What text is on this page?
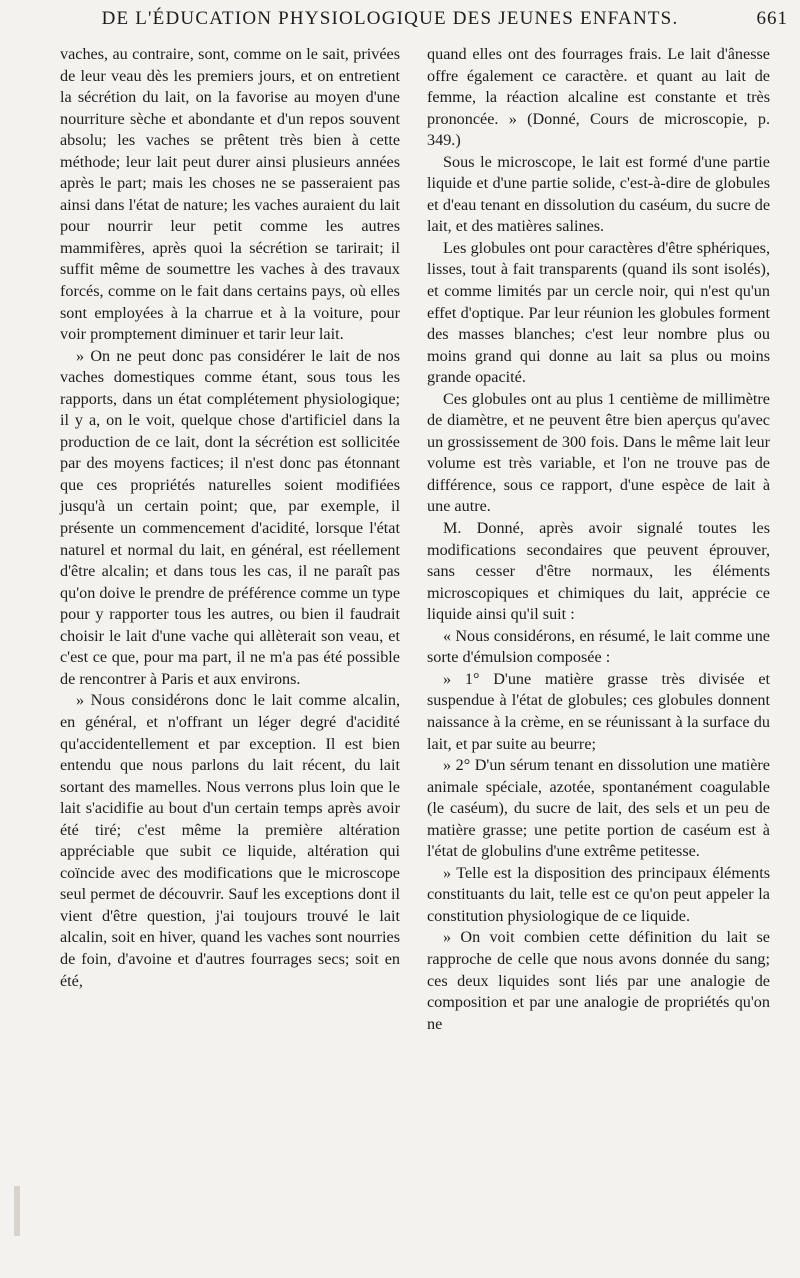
DE L'ÉDUCATION PHYSIOLOGIQUE DES JEUNES ENFANTS.	661

vaches, au contraire, sont, comme on le sait, privées de leur veau dès les premiers jours, et on entretient la sécrétion du lait, on la favorise au moyen d'une nourriture sèche et abondante et d'un repos souvent absolu; les vaches se prêtent très bien à cette méthode; leur lait peut durer ainsi plusieurs années après le part; mais les choses ne se passeraient pas ainsi dans l'état de nature; les vaches auraient du lait pour nourrir leur petit comme les autres mammifères, après quoi la sécrétion se tarirait; il suffit même de soumettre les vaches à des travaux forcés, comme on le fait dans certains pays, où elles sont employées à la charrue et à la voiture, pour voir promptement diminuer et tarir leur lait.

» On ne peut donc pas considérer le lait de nos vaches domestiques comme étant, sous tous les rapports, dans un état complétement physiologique; il y a, on le voit, quelque chose d'artificiel dans la production de ce lait, dont la sécrétion est sollicitée par des moyens factices; il n'est donc pas étonnant que ces propriétés naturelles soient modifiées jusqu'à un certain point; que, par exemple, il présente un commencement d'acidité, lorsque l'état naturel et normal du lait, en général, est réellement d'être alcalin; et dans tous les cas, il ne paraît pas qu'on doive le prendre de préférence comme un type pour y rapporter tous les autres, ou bien il faudrait choisir le lait d'une vache qui allèterait son veau, et c'est ce que, pour ma part, il ne m'a pas été possible de rencontrer à Paris et aux environs.

» Nous considérons donc le lait comme alcalin, en général, et n'offrant un léger degré d'acidité qu'accidentellement et par exception. Il est bien entendu que nous parlons du lait récent, du lait sortant des mamelles. Nous verrons plus loin que le lait s'acidifie au bout d'un certain temps après avoir été tiré; c'est même la première altération appréciable que subit ce liquide, altération qui coïncide avec des modifications que le microscope seul permet de découvrir. Sauf les exceptions dont il vient d'être question, j'ai toujours trouvé le lait alcalin, soit en hiver, quand les vaches sont nourries de foin, d'avoine et d'autres fourrages secs; soit en été,

quand elles ont des fourrages frais. Le lait d'ânesse offre également ce caractère. et quant au lait de femme, la réaction alcaline est constante et très prononcée. » (Donné, Cours de microscopie, p. 349.)

Sous le microscope, le lait est formé d'une partie liquide et d'une partie solide, c'est-à-dire de globules et d'eau tenant en dissolution du caséum, du sucre de lait, et des matières salines.

Les globules ont pour caractères d'être sphériques, lisses, tout à fait transparents (quand ils sont isolés), et comme limités par un cercle noir, qui n'est qu'un effet d'optique. Par leur réunion les globules forment des masses blanches; c'est leur nombre plus ou moins grand qui donne au lait sa plus ou moins grande opacité.

Ces globules ont au plus 1 centième de millimètre de diamètre, et ne peuvent être bien aperçus qu'avec un grossissement de 300 fois. Dans le même lait leur volume est très variable, et l'on ne trouve pas de différence, sous ce rapport, d'une espèce de lait à une autre.

M. Donné, après avoir signalé toutes les modifications secondaires que peuvent éprouver, sans cesser d'être normaux, les éléments microscopiques et chimiques du lait, apprécie ce liquide ainsi qu'il suit :

« Nous considérons, en résumé, le lait comme une sorte d'émulsion composée :

» 1° D'une matière grasse très divisée et suspendue à l'état de globules; ces globules donnent naissance à la crème, en se réunissant à la surface du lait, et par suite au beurre;

» 2° D'un sérum tenant en dissolution une matière animale spéciale, azotée, spontanément coagulable (le caséum), du sucre de lait, des sels et un peu de matière grasse; une petite portion de caséum est à l'état de globulins d'une extrême petitesse.

» Telle est la disposition des principaux éléments constituants du lait, telle est ce qu'on peut appeler la constitution physiologique de ce liquide.

» On voit combien cette définition du lait se rapproche de celle que nous avons donnée du sang; ces deux liquides sont liés par une analogie de composition et par une analogie de propriétés qu'on ne
